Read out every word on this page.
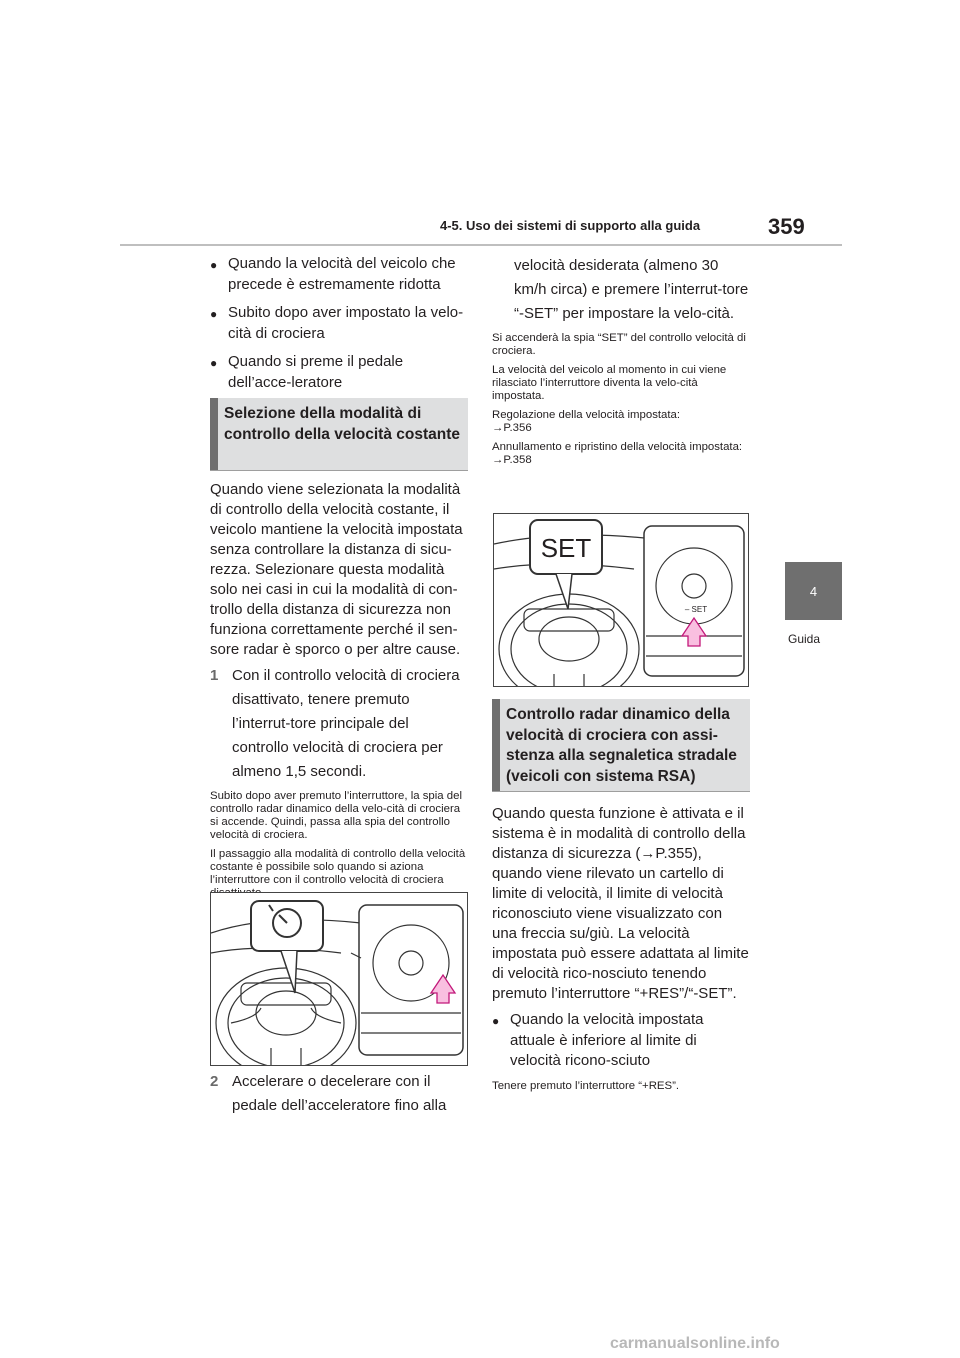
4-5. Uso dei sistemi di supporto alla guida	359
4
Guida
● Quando la velocità del veicolo che precede è estremamente ridotta
● Subito dopo aver impostato la velo-cità di crociera
● Quando si preme il pedale dell’acce-leratore
Selezione della modalità di controllo della velocità costante

Quando viene selezionata la modalità di controllo della velocità costante, il veicolo mantiene la velocità impostata senza controllare la distanza di sicu-rezza. Selezionare questa modalità solo nei casi in cui la modalità di con-trollo della distanza di sicurezza non funziona correttamente perché il sen-sore radar è sporco o per altre cause.

1 Con il controllo velocità di crociera disattivato, tenere premuto l’interrut-tore principale del controllo velocità di crociera per almeno 1,5 secondi.

Subito dopo aver premuto l’interruttore, la spia del controllo radar dinamico della velo-cità di crociera si accende. Quindi, passa alla spia del controllo velocità di crociera.

Il passaggio alla modalità di controllo della velocità costante è possibile solo quando si aziona l’interruttore con il controllo velocità di crociera

2 Accelerare o decelerare con il pedale dell’acceleratore fino alla
velocità desiderata (almeno 30 km/h circa) e premere l’interrut-tore “-SET” per impostare la velo-cità.

Si accenderà la spia “SET” del controllo velocità di crociera.

La velocità del veicolo al momento in cui viene rilasciato l’interruttore diventa la velo-cità impostata.

Regolazione della velocità impostata:
→P.356

Annullamento e ripristino della velocità impostata: →P.358

SET
– SET
Controllo radar dinamico della velocità di crociera con assi-stenza alla segnaletica stradale (veicoli con sistema RSA)

Quando questa funzione è attivata e il sistema è in modalità di controllo della distanza di sicurezza (→P.355), quando viene rilevato un cartello di limite di velocità, il limite di velocità riconosciuto viene visualizzato con una freccia su/giù. La velocità impostata può essere adattata al limite di velocità rico-nosciuto tenendo premuto l’interruttore “+RES”/“-SET”.

● Quando la velocità impostata attuale è inferiore al limite di velocità ricono-sciuto

Tenere premuto l’interruttore “+RES”.

carmanualsonline.info
